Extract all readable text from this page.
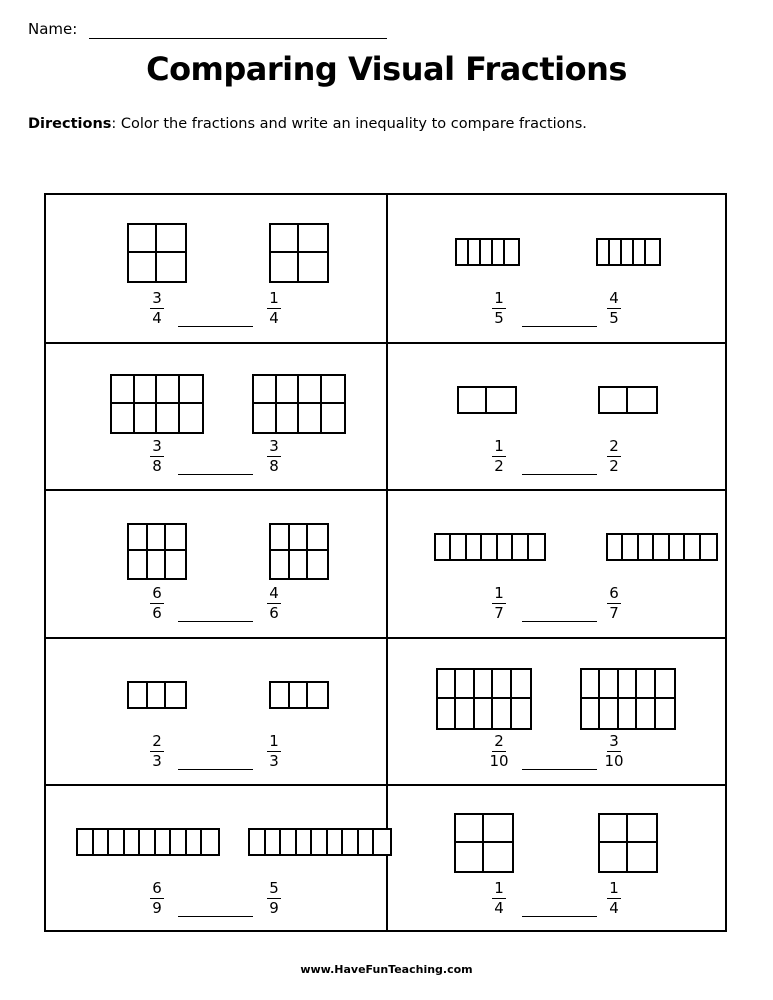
Name:
Comparing Visual Fractions
Directions: Color the fractions and write an inequality to compare fractions.
3
4
1
4
1
5
4
5
3
8
3
8
1
2
2
2
6
6
4
6
1
7
6
7
2
3
1
3
2
10
3
10
6
9
5
9
1
4
1
4
www.HaveFunTeaching.com
